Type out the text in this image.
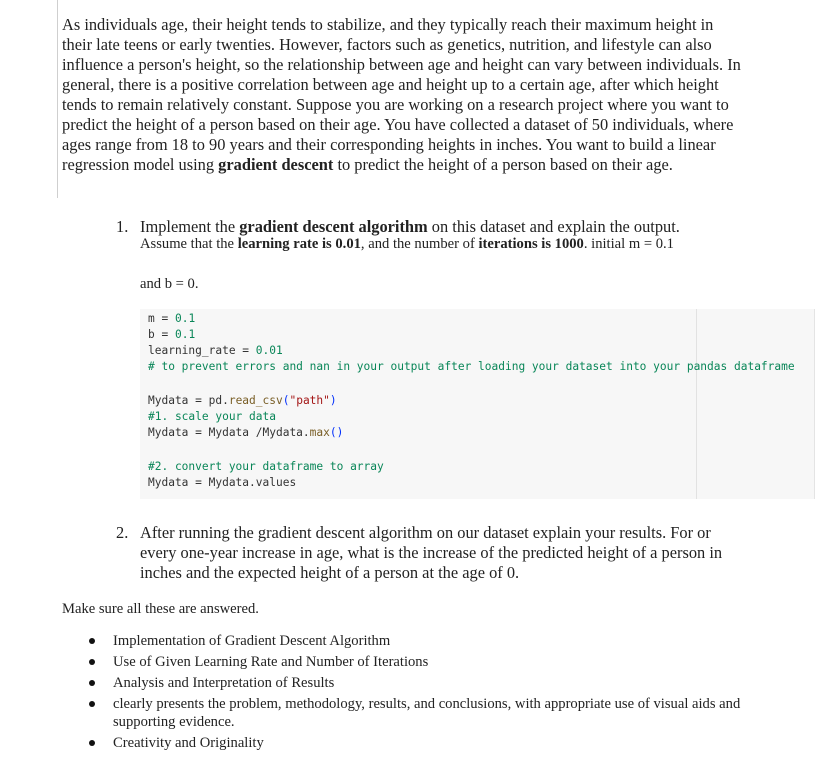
As individuals age, their height tends to stabilize, and they typically reach their maximum height in their late teens or early twenties. However, factors such as genetics, nutrition, and lifestyle can also influence a person's height, so the relationship between age and height can vary between individuals. In general, there is a positive correlation between age and height up to a certain age, after which height tends to remain relatively constant. Suppose you are working on a research project where you want to predict the height of a person based on their age. You have collected a dataset of 50 individuals, where ages range from 18 to 90 years and their corresponding heights in inches. You want to build a linear regression model using gradient descent to predict the height of a person based on their age.

1. Implement the gradient descent algorithm on this dataset and explain the output.
Assume that the learning rate is 0.01, and the number of iterations is 1000. initial m = 0.1
and b = 0.
m = 0.1
b = 0.1
learning_rate = 0.01
# to prevent errors and nan in your output after loading your dataset into your pandas dataframe
Mydata = pd.read_csv("path")
#1. scale your data
Mydata = Mydata /Mydata.max()
#2. convert your dataframe to array
Mydata = Mydata.values
2. After running the gradient descent algorithm on our dataset explain your results. For or every one-year increase in age, what is the increase of the predicted height of a person in inches and the expected height of a person at the age of 0.
Make sure all these are answered.
Implementation of Gradient Descent Algorithm
Use of Given Learning Rate and Number of Iterations
Analysis and Interpretation of Results
clearly presents the problem, methodology, results, and conclusions, with appropriate use of visual aids and supporting evidence.
Creativity and Originality
